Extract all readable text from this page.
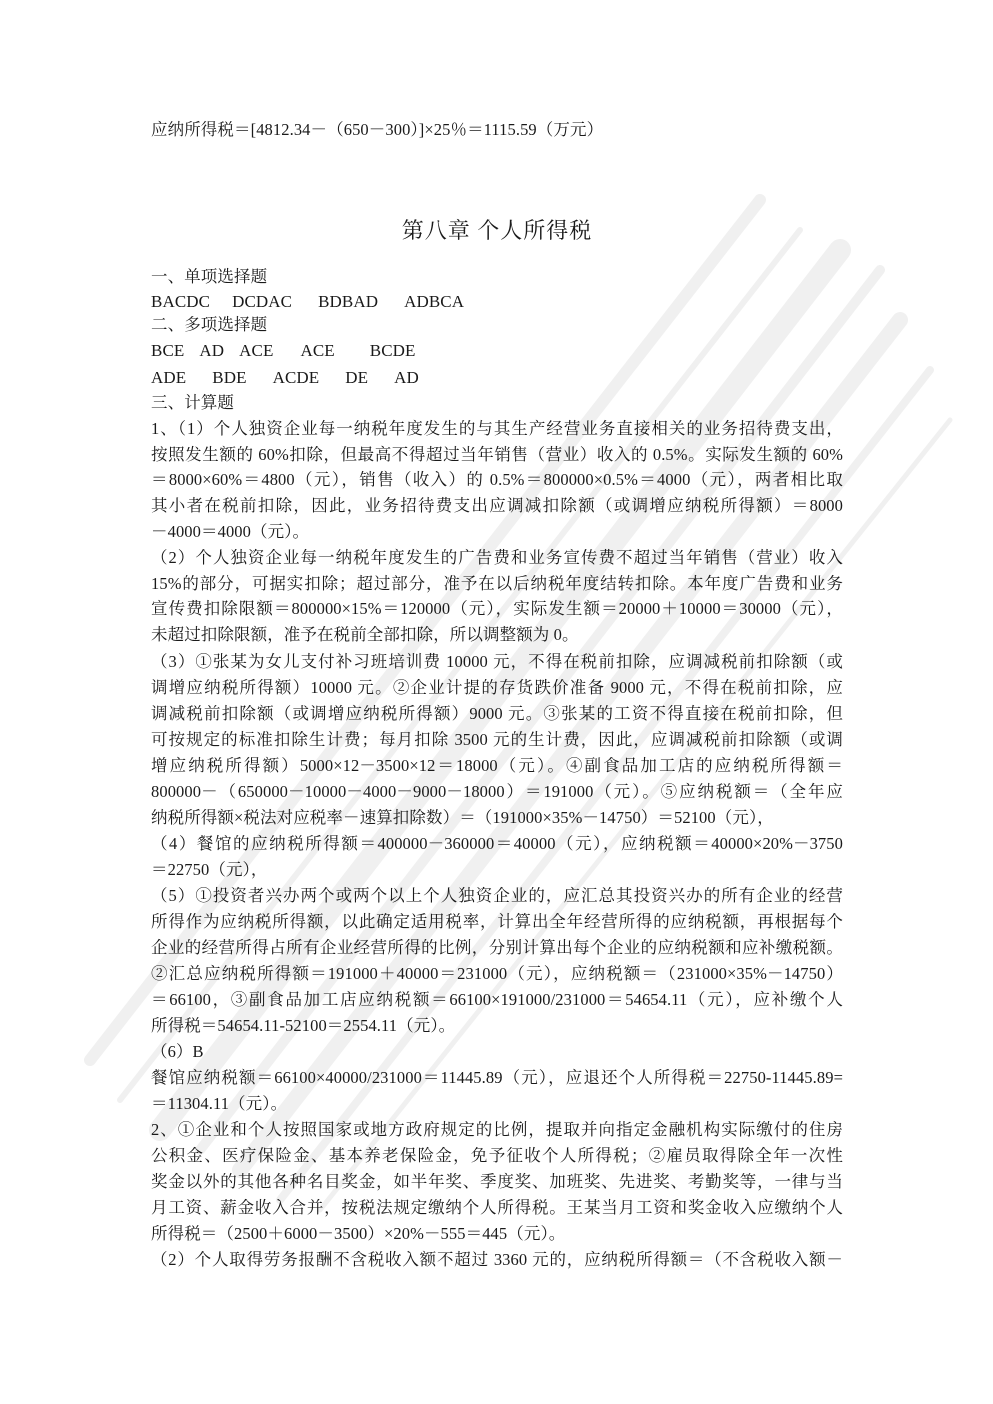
应纳所得税＝[4812.34－（650－300）]×25％＝1115.59（万元）
第八章 个人所得税
一、单项选择题
BACDC DCDAC BDBAD ADBCA
二、多项选择题
BCE AD ACE ACE BCDE
ADE BDE ACDE DE AD
三、计算题
1、（1）个人独资企业每一纳税年度发生的与其生产经营业务直接相关的业务招待费支出，
按照发生额的 60%扣除，但最高不得超过当年销售（营业）收入的 0.5%。实际发生额的 60%
＝8000×60%＝4800（元），销售（收入）的 0.5%＝800000×0.5%＝4000（元），两者相比取
其小者在税前扣除，因此，业务招待费支出应调减扣除额（或调增应纳税所得额）＝8000
－4000＝4000（元）。
（2）个人独资企业每一纳税年度发生的广告费和业务宣传费不超过当年销售（营业）收入
15%的部分，可据实扣除；超过部分，准予在以后纳税年度结转扣除。本年度广告费和业务
宣传费扣除限额＝800000×15%＝120000（元），实际发生额＝20000＋10000＝30000（元），
未超过扣除限额，准予在税前全部扣除，所以调整额为 0。
（3）①张某为女儿支付补习班培训费 10000 元，不得在税前扣除，应调减税前扣除额（或
调增应纳税所得额）10000 元。②企业计提的存货跌价准备 9000 元，不得在税前扣除，应
调减税前扣除额（或调增应纳税所得额）9000 元。③张某的工资不得直接在税前扣除，但
可按规定的标准扣除生计费；每月扣除 3500 元的生计费，因此，应调减税前扣除额（或调
增应纳税所得额）5000×12－3500×12＝18000（元）。④副食品加工店的应纳税所得额＝
800000－（650000－10000－4000－9000－18000）＝191000（元）。⑤应纳税额＝（全年应
纳税所得额×税法对应税率－速算扣除数）＝（191000×35%－14750）＝52100（元），
（4）餐馆的应纳税所得额＝400000－360000＝40000（元），应纳税额＝40000×20%－3750
＝22750（元），
（5）①投资者兴办两个或两个以上个人独资企业的，应汇总其投资兴办的所有企业的经营
所得作为应纳税所得额，以此确定适用税率，计算出全年经营所得的应纳税额，再根据每个
企业的经营所得占所有企业经营所得的比例，分别计算出每个企业的应纳税额和应补缴税额。
②汇总应纳税所得额＝191000＋40000＝231000（元），应纳税额＝（231000×35%－14750）
＝66100，③副食品加工店应纳税额＝66100×191000/231000＝54654.11（元），应补缴个人
所得税＝54654.11-52100＝2554.11（元）。
（6）B
餐馆应纳税额＝66100×40000/231000＝11445.89（元），应退还个人所得税＝22750-11445.89=
＝11304.11（元）。
2、①企业和个人按照国家或地方政府规定的比例，提取并向指定金融机构实际缴付的住房
公积金、医疗保险金、基本养老保险金，免予征收个人所得税；②雇员取得除全年一次性
奖金以外的其他各种名目奖金，如半年奖、季度奖、加班奖、先进奖、考勤奖等，一律与当
月工资、薪金收入合并，按税法规定缴纳个人所得税。王某当月工资和奖金收入应缴纳个人
所得税＝（2500＋6000－3500）×20%－555＝445（元）。
（2）个人取得劳务报酬不含税收入额不超过 3360 元的，应纳税所得额＝（不含税收入额－
